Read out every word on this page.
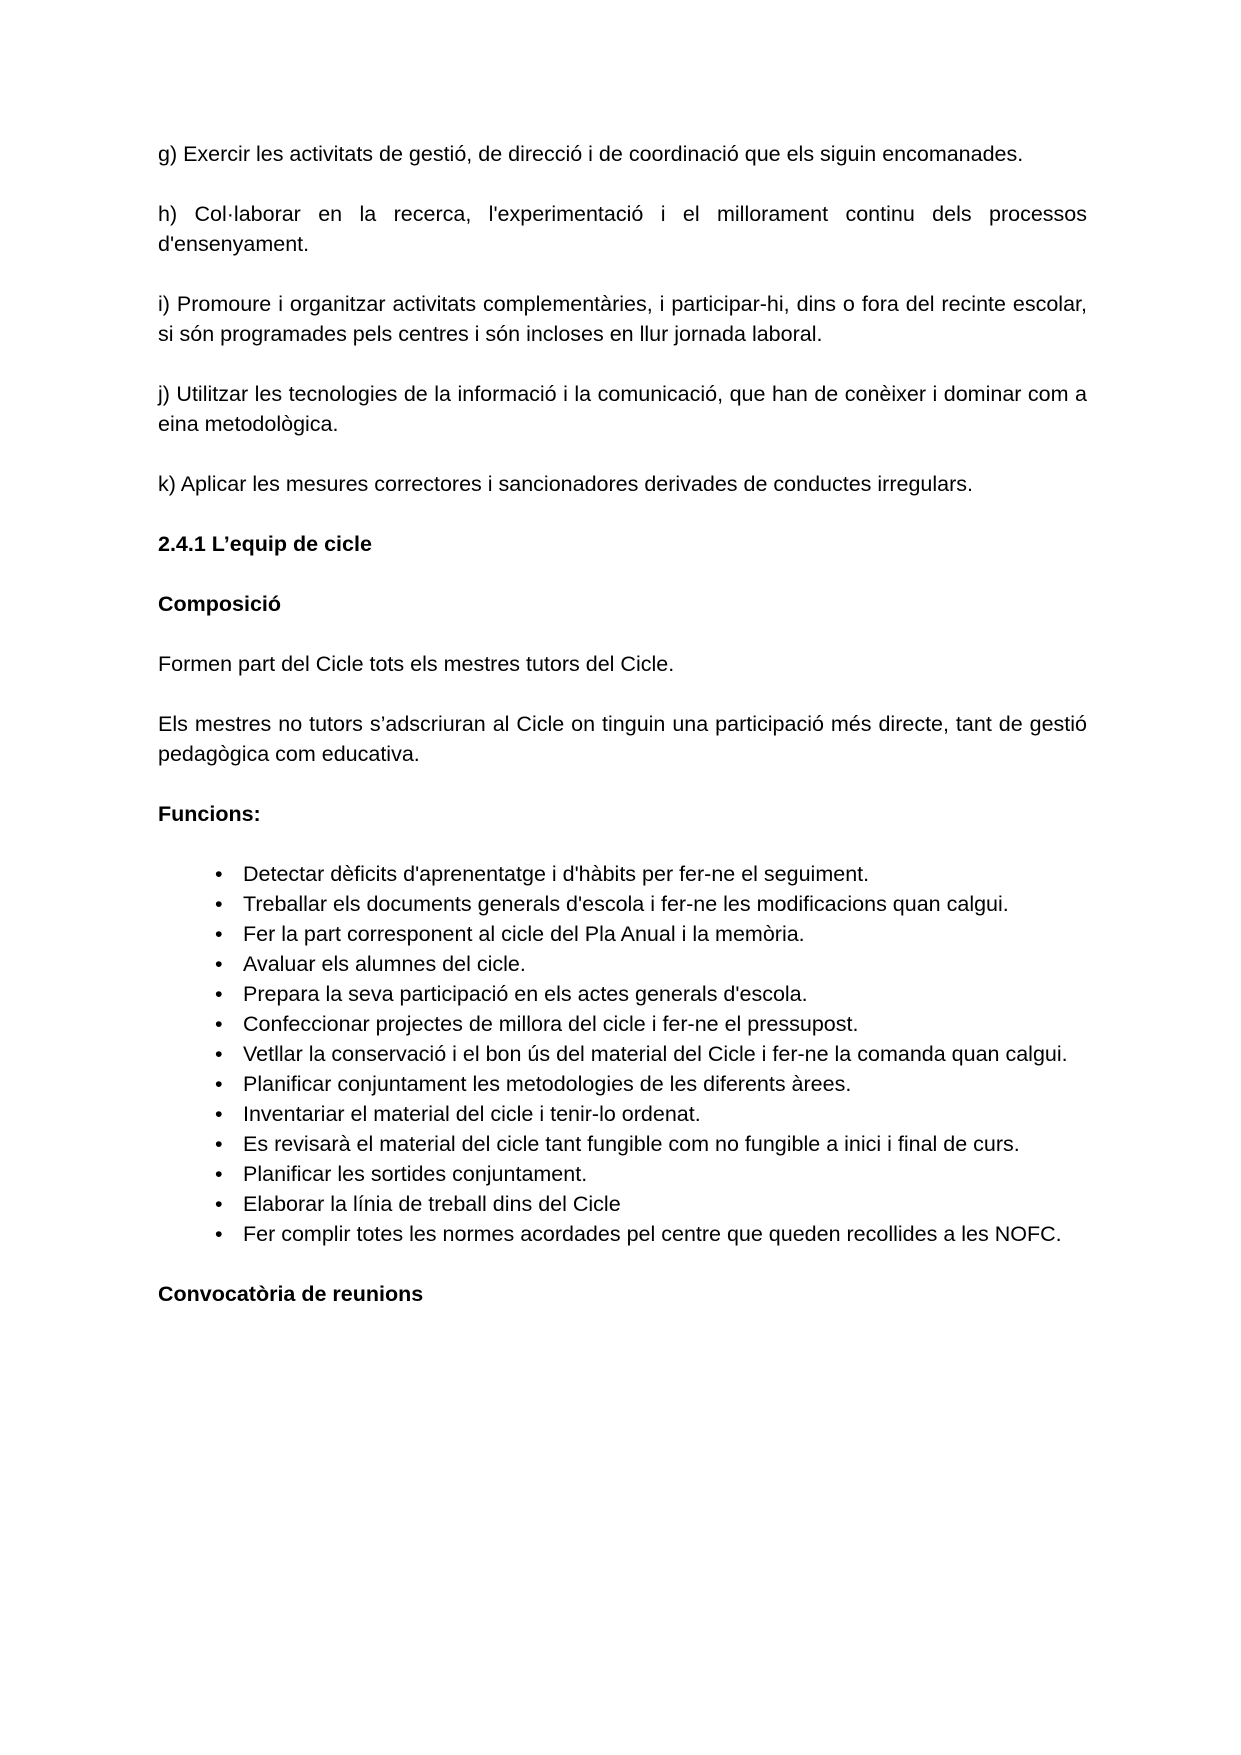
g) Exercir les activitats de gestió, de direcció i de coordinació que els siguin encomanades.

h) Col·laborar en la recerca, l'experimentació i el millorament continu dels processos d'ensenyament.

i) Promoure i organitzar activitats complementàries, i participar-hi, dins o fora del recinte escolar, si són programades pels centres i són incloses en llur jornada laboral.

j) Utilitzar les tecnologies de la informació i la comunicació, que han de conèixer i dominar com a eina metodològica.

k) Aplicar les mesures correctores i sancionadores derivades de conductes irregulars.

2.4.1 L’equip de cicle
Composició

Formen part del Cicle tots els mestres tutors del Cicle.

Els mestres no tutors s’adscriuran al Cicle on tinguin una participació més directe, tant de gestió pedagògica com educativa.

Funcions:
• Detectar dèficits d'aprenentatge i d'hàbits per fer-ne el seguiment.
• Treballar els documents generals d'escola i fer-ne les modificacions quan calgui.
• Fer la part corresponent al cicle del Pla Anual i la memòria.
• Avaluar els alumnes del cicle.
• Prepara la seva participació en els actes generals d'escola.
• Confeccionar projectes de millora del cicle i fer-ne el pressupost.
• Vetllar la conservació i el bon ús del material del Cicle i fer-ne la comanda quan calgui.
• Planificar conjuntament les metodologies de les diferents àrees.
• Inventariar el material del cicle i tenir-lo ordenat.
• Es revisarà el material del cicle tant fungible com no fungible a inici i final de curs.
• Planificar les sortides conjuntament.
• Elaborar la línia de treball dins del Cicle
• Fer complir totes les normes acordades pel centre que queden recollides a les NOFC.
Convocatòria de reunions
